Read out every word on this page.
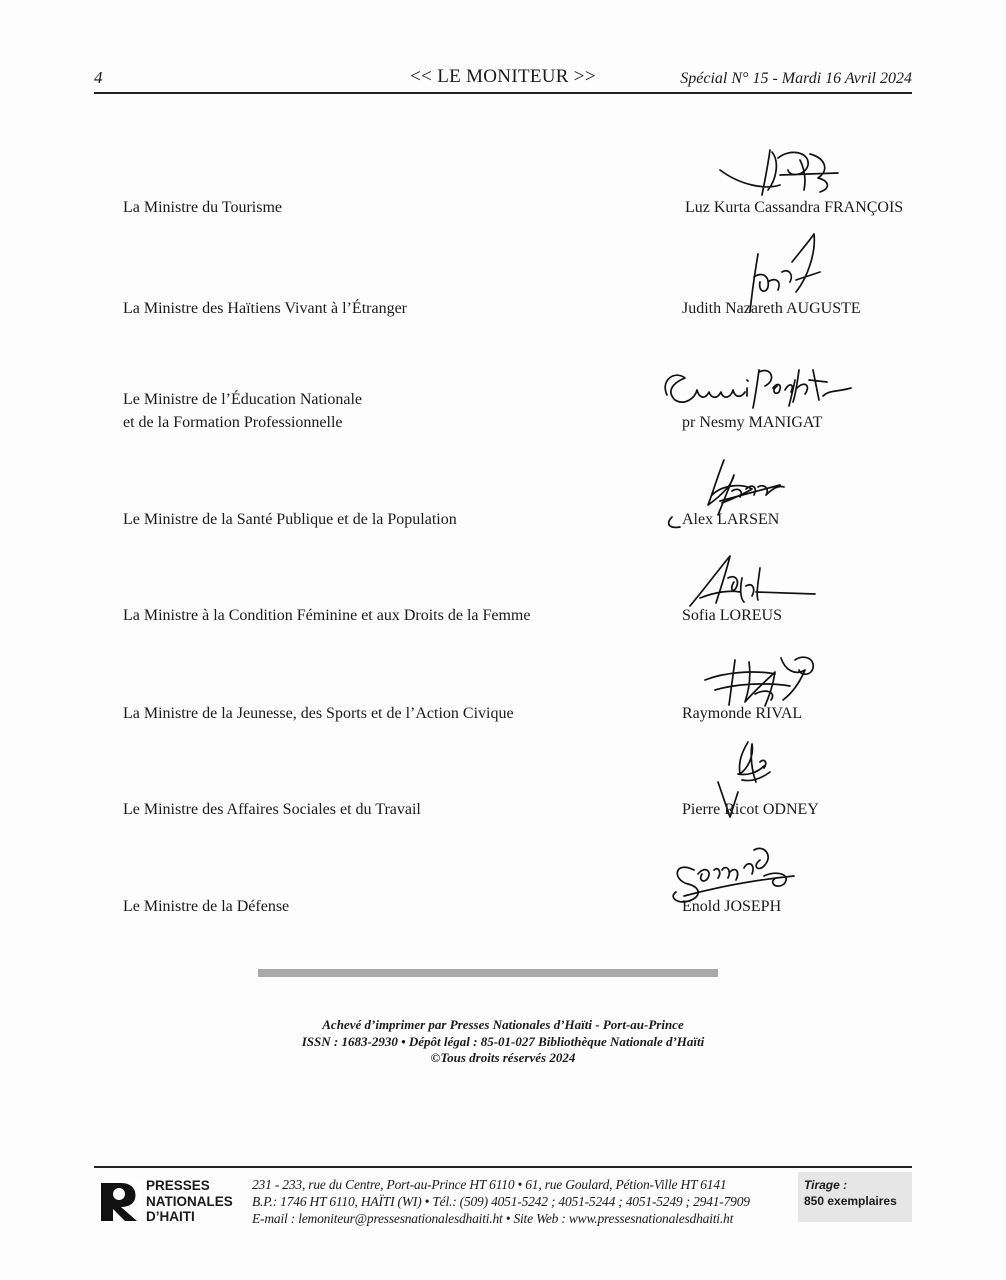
4	<< LE MONITEUR >>	Spécial N° 15 - Mardi 16 Avril 2024
La Ministre du Tourisme	Luz Kurta Cassandra FRANÇOIS
La Ministre des Haïtiens Vivant à l’Étranger	Judith Nazareth AUGUSTE
Le Ministre de l’Éducation Nationale
et de la Formation Professionnelle	pr Nesmy MANIGAT
Le Ministre de la Santé Publique et de la Population	Alex LARSEN
La Ministre à la Condition Féminine et aux Droits de la Femme	Sofia LOREUS
La Ministre de la Jeunesse, des Sports et de l’Action Civique	Raymonde RIVAL
Le Ministre des Affaires Sociales et du Travail	Pierre Ricot ODNEY
Le Ministre de la Défense	Enold JOSEPH
Achevé d’imprimer par Presses Nationales d’Haïti - Port-au-Prince
ISSN : 1683-2930 • Dépôt légal : 85-01-027 Bibliothèque Nationale d’Haïti
©Tous droits réservés 2024
PRESSES
NATIONALES
D’HAITI
231 - 233, rue du Centre, Port-au-Prince HT 6110 • 61, rue Goulard, Pétion-Ville HT 6141
B.P.: 1746 HT 6110, HAÏTI (WI) • Tél.: (509) 4051-5242 ; 4051-5244 ; 4051-5249 ; 2941-7909
E-mail : lemoniteur@pressesnationalesdhaiti.ht • Site Web : www.pressesnationalesdhaiti.ht
Tirage :
850 exemplaires
